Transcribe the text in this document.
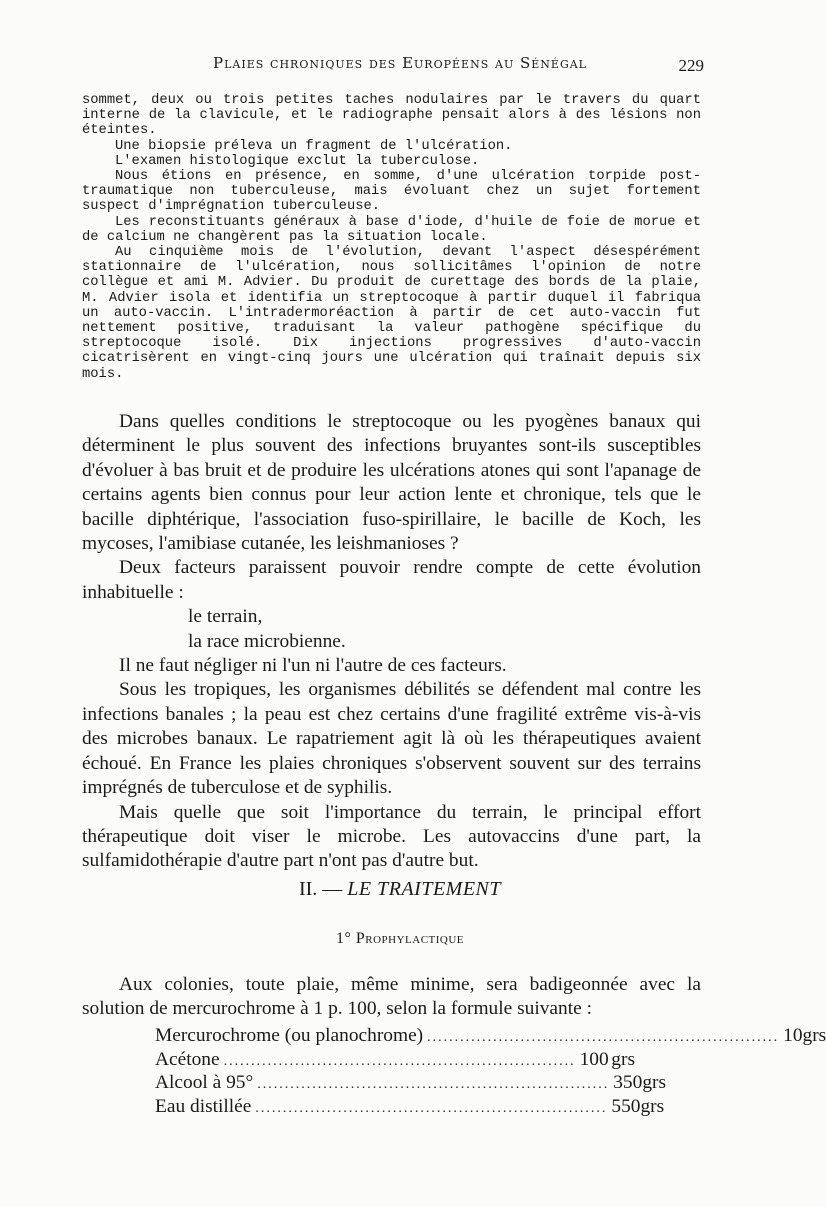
Plaies chroniques des Européens au Sénégal	229

sommet, deux ou trois petites taches nodulaires par le travers du quart interne de la clavicule, et le radiographe pensait alors à des lésions non éteintes.

Une biopsie préleva un fragment de l'ulcération.

L'examen histologique exclut la tuberculose.

Nous étions en présence, en somme, d'une ulcération torpide post-traumatique non tuberculeuse, mais évoluant chez un sujet fortement suspect d'imprégnation tuberculeuse.

Les reconstituants généraux à base d'iode, d'huile de foie de morue et de calcium ne changèrent pas la situation locale.

Au cinquième mois de l'évolution, devant l'aspect désespérément stationnaire de l'ulcération, nous sollicitâmes l'opinion de notre collègue et ami M. Advier. Du produit de curettage des bords de la plaie, M. Advier isola et identifia un streptocoque à partir duquel il fabriqua un auto-vaccin. L'intradermoréaction à partir de cet auto-vaccin fut nettement positive, traduisant la valeur pathogène spécifique du streptocoque isolé. Dix injections progressives d'auto-vaccin cicatrisèrent en vingt-cinq jours une ulcération qui traînait depuis six mois.

Dans quelles conditions le streptocoque ou les pyogènes banaux qui déterminent le plus souvent des infections bruyantes sont-ils susceptibles d'évoluer à bas bruit et de produire les ulcérations atones qui sont l'apanage de certains agents bien connus pour leur action lente et chronique, tels que le bacille diphtérique, l'association fuso-spirillaire, le bacille de Koch, les mycoses, l'amibiase cutanée, les leishmanioses ?

Deux facteurs paraissent pouvoir rendre compte de cette évolution inhabituelle :

le terrain,

la race microbienne.

Il ne faut négliger ni l'un ni l'autre de ces facteurs.

Sous les tropiques, les organismes débilités se défendent mal contre les infections banales ; la peau est chez certains d'une fragilité extrême vis-à-vis des microbes banaux. Le rapatriement agit là où les thérapeutiques avaient échoué. En France les plaies chroniques s'observent souvent sur des terrains imprégnés de tuberculose et de syphilis.

Mais quelle que soit l'importance du terrain, le principal effort thérapeutique doit viser le microbe. Les autovaccins d'une part, la sulfamidothérapie d'autre part n'ont pas d'autre but.

II. — LE TRAITEMENT
1° Prophylactique

Aux colonies, toute plaie, même minime, sera badigeonnée avec la solution de mercurochrome à 1 p. 100, selon la formule suivante :

Mercurochrome (ou planochrome) ................................................................ 10 grs
Acétone ................................................................ 100 grs
Alcool à 95° ................................................................ 350 grs
Eau distillée ................................................................ 550 grs
